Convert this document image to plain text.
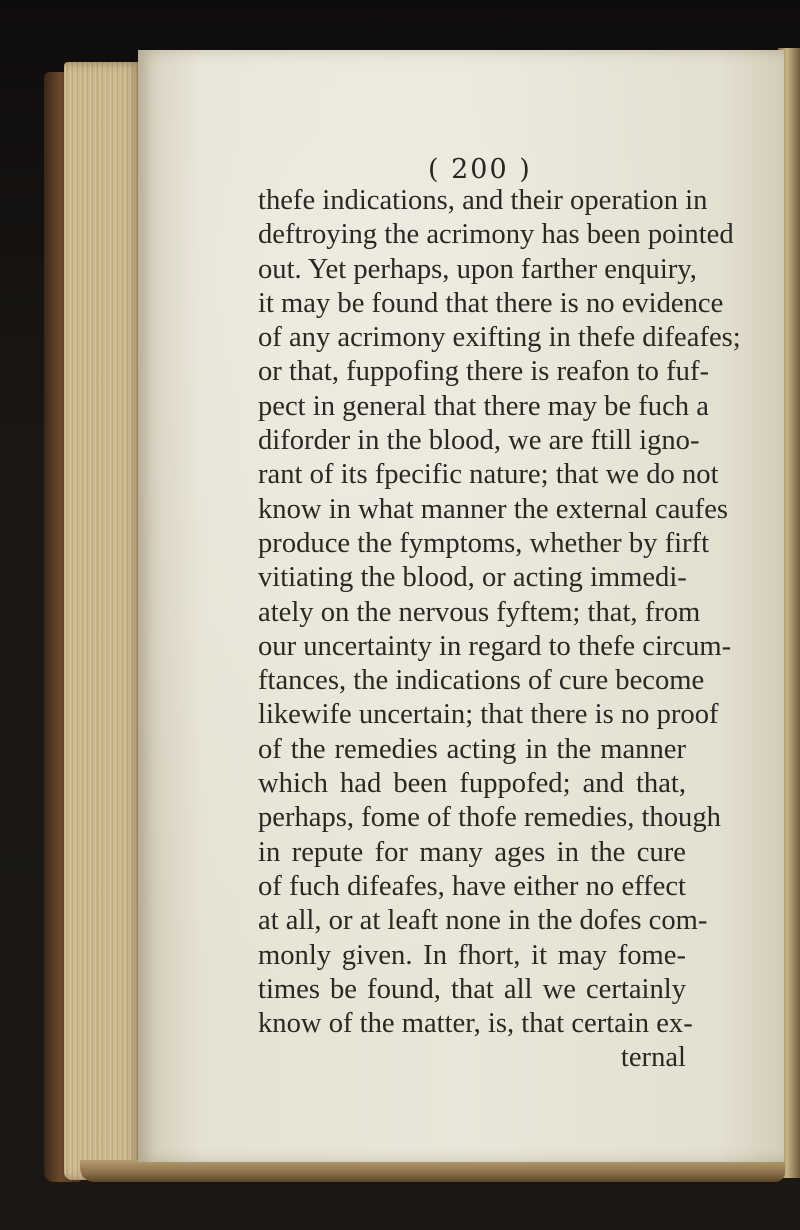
( 200 )
thefe indications, and their operation in
deftroying the acrimony has been pointed
out. Yet perhaps, upon farther enquiry,
it may be found that there is no evidence
of any acrimony exifting in thefe difeafes;
or that, fuppofing there is reafon to fuf-
pect in general that there may be fuch a
diforder in the blood, we are ftill igno-
rant of its fpecific nature; that we do not
know in what manner the external caufes
produce the fymptoms, whether by firft
vitiating the blood, or acting immedi-
ately on the nervous fyftem; that, from
our uncertainty in regard to thefe circum-
ftances, the indications of cure become
likewife uncertain; that there is no proof
of the remedies acting in the manner
which had been fuppofed; and that,
perhaps, fome of thofe remedies, though
in repute for many ages in the cure
of fuch difeafes, have either no effect
at all, or at leaft none in the dofes com-
monly given. In fhort, it may fome-
times be found, that all we certainly
know of the matter, is, that certain ex-
ternal
